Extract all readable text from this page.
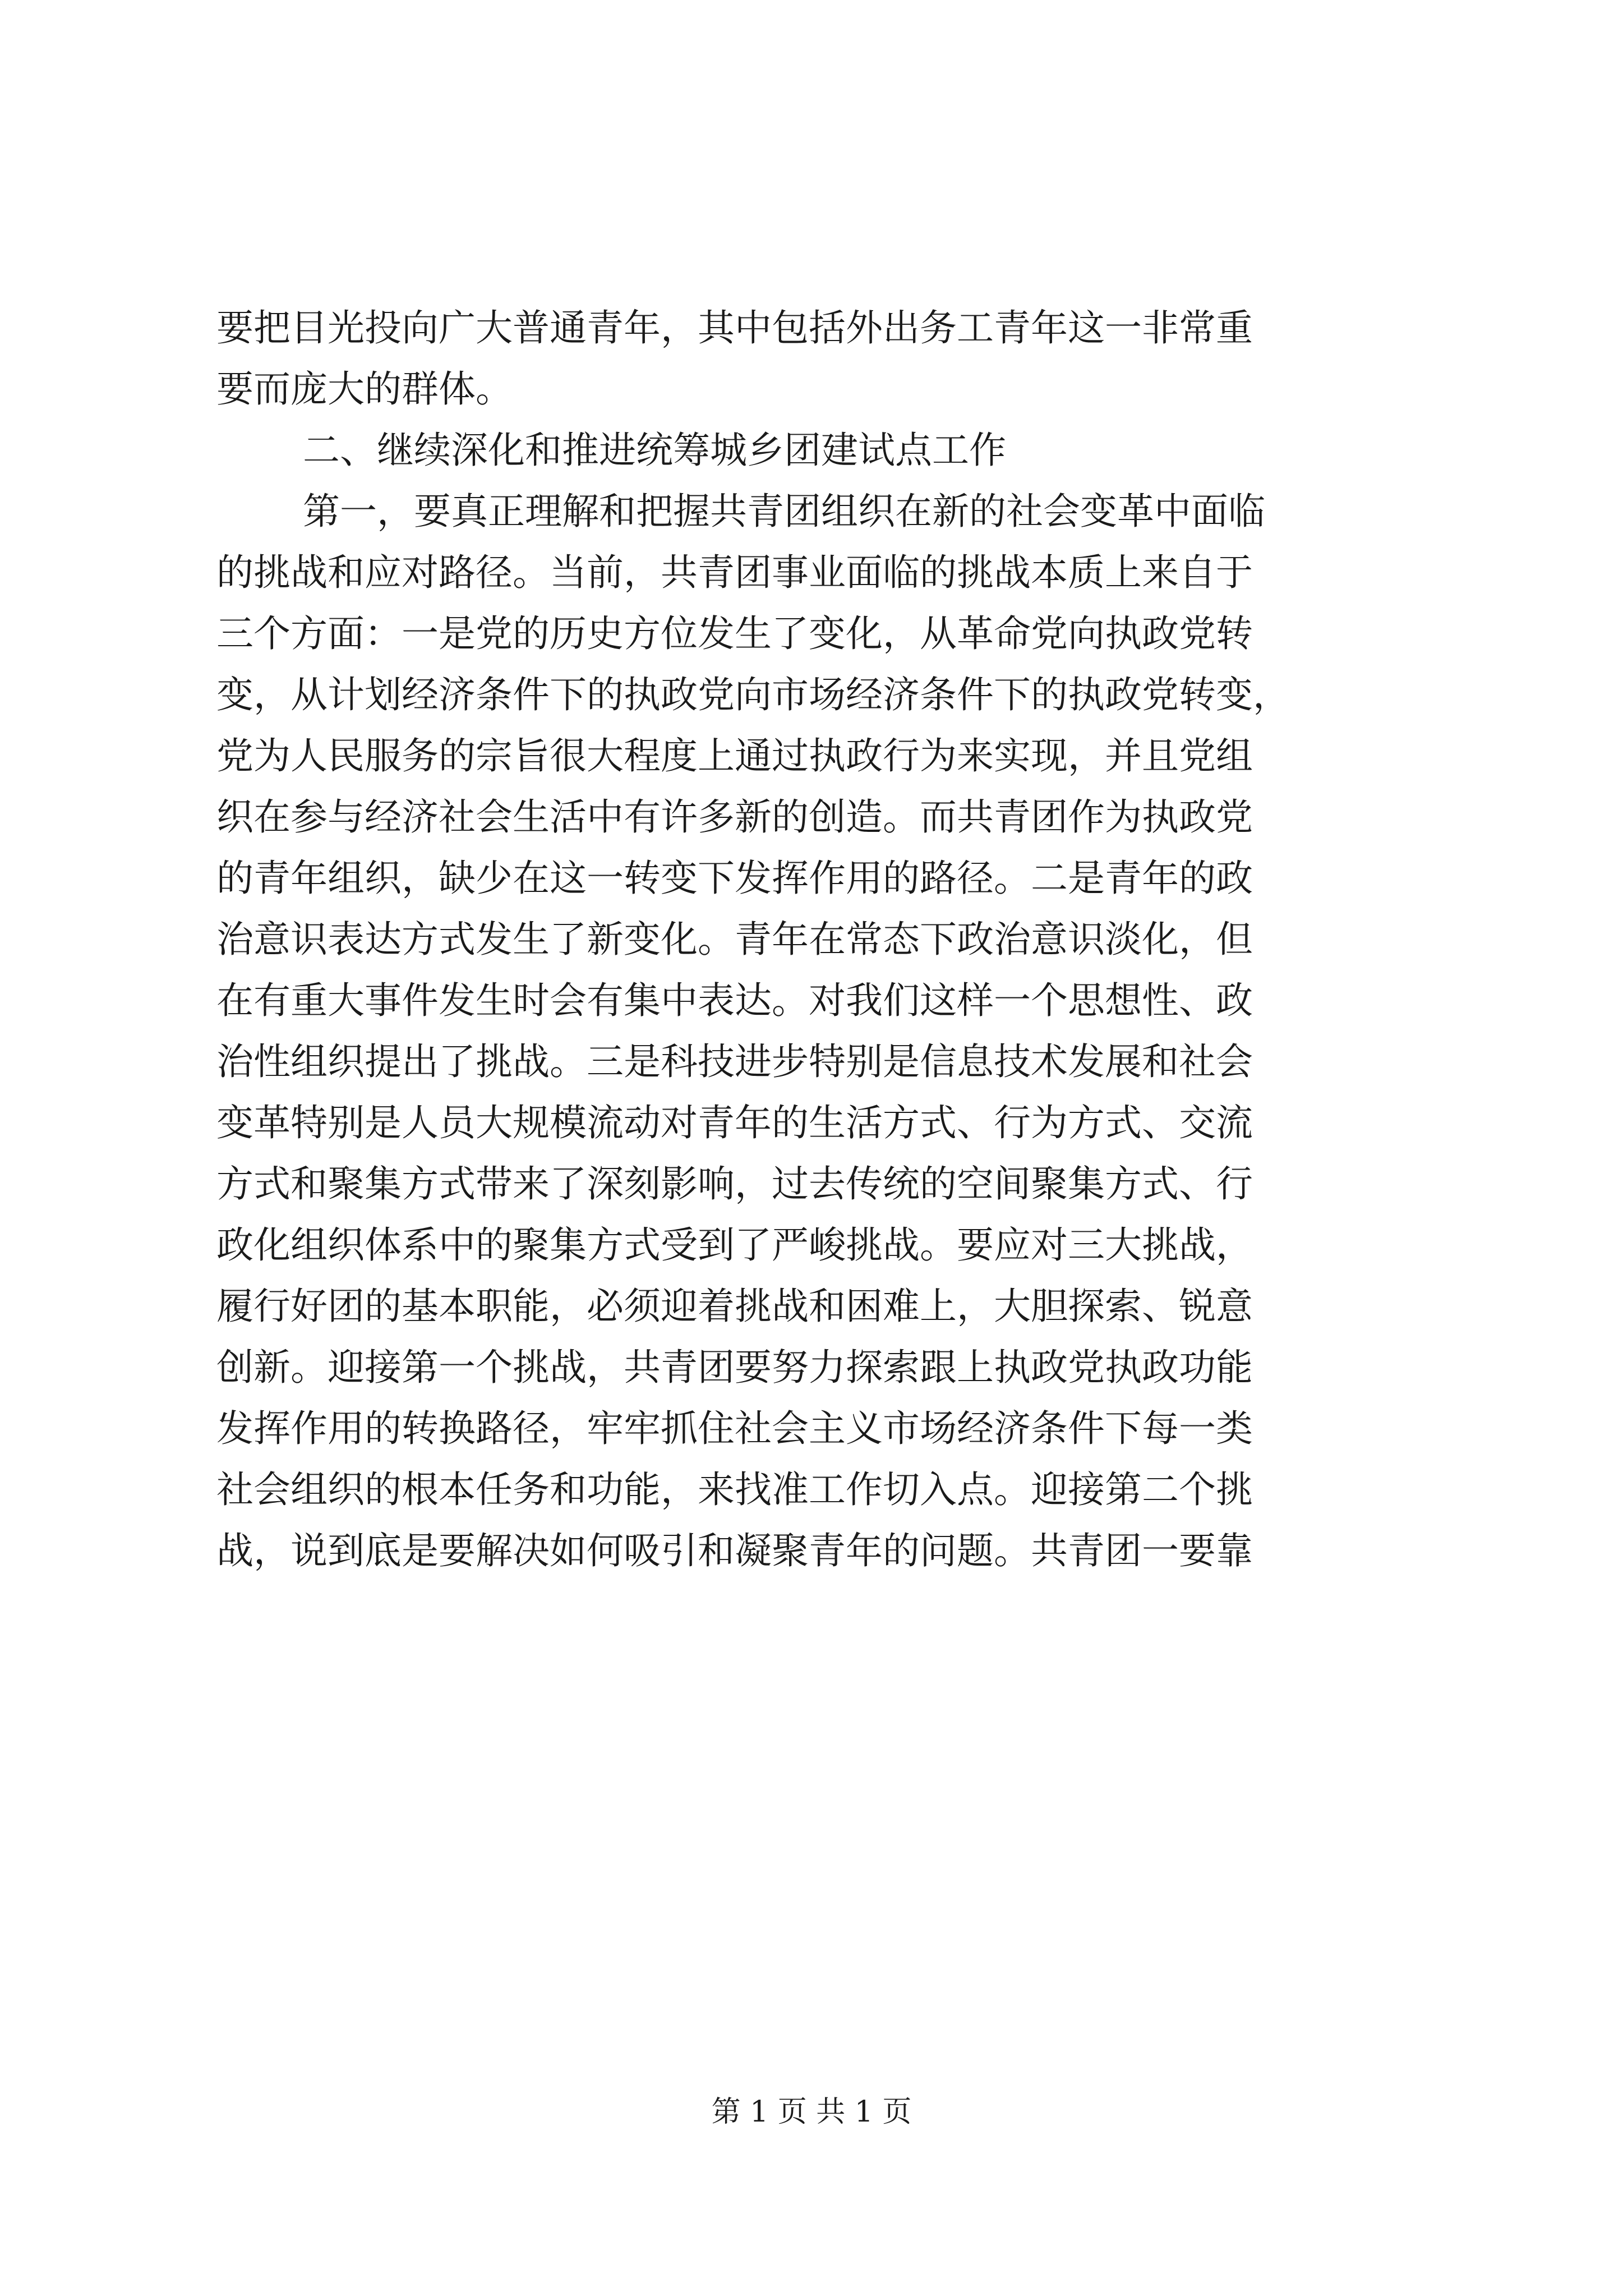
要把目光投向广大普通青年，其中包括外出务工青年这一非常重
要而庞大的群体。
二、继续深化和推进统筹城乡团建试点工作
第一，要真正理解和把握共青团组织在新的社会变革中面临
的挑战和应对路径。当前，共青团事业面临的挑战本质上来自于
三个方面：一是党的历史方位发生了变化，从革命党向执政党转
变，从计划经济条件下的执政党向市场经济条件下的执政党转变，
党为人民服务的宗旨很大程度上通过执政行为来实现，并且党组
织在参与经济社会生活中有许多新的创造。而共青团作为执政党
的青年组织，缺少在这一转变下发挥作用的路径。二是青年的政
治意识表达方式发生了新变化。青年在常态下政治意识淡化，但
在有重大事件发生时会有集中表达。对我们这样一个思想性、政
治性组织提出了挑战。三是科技进步特别是信息技术发展和社会
变革特别是人员大规模流动对青年的生活方式、行为方式、交流
方式和聚集方式带来了深刻影响，过去传统的空间聚集方式、行
政化组织体系中的聚集方式受到了严峻挑战。要应对三大挑战，
履行好团的基本职能，必须迎着挑战和困难上，大胆探索、锐意
创新。迎接第一个挑战，共青团要努力探索跟上执政党执政功能
发挥作用的转换路径，牢牢抓住社会主义市场经济条件下每一类
社会组织的根本任务和功能，来找准工作切入点。迎接第二个挑
战，说到底是要解决如何吸引和凝聚青年的问题。共青团一要靠
第 1 页 共 1 页
